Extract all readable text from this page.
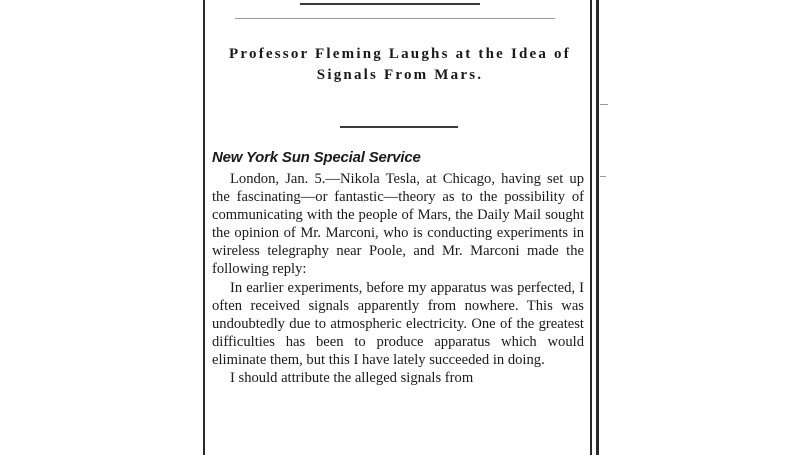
Professor Fleming Laughs at the Idea of Signals From Mars.
New York Sun Special Service

London, Jan. 5.—Nikola Tesla, at Chicago, having set up the fascinating—or fantastic—theory as to the possibility of communicating with the people of Mars, the Daily Mail sought the opinion of Mr. Marconi, who is conducting experiments in wireless telegraphy near Poole, and Mr. Marconi made the following reply:

In earlier experiments, before my apparatus was perfected, I often received signals apparently from nowhere. This was undoubtedly due to atmospheric electricity. One of the greatest difficulties has been to produce apparatus which would eliminate them, but this I have lately succeeded in doing.

I should attribute the alleged signals from
